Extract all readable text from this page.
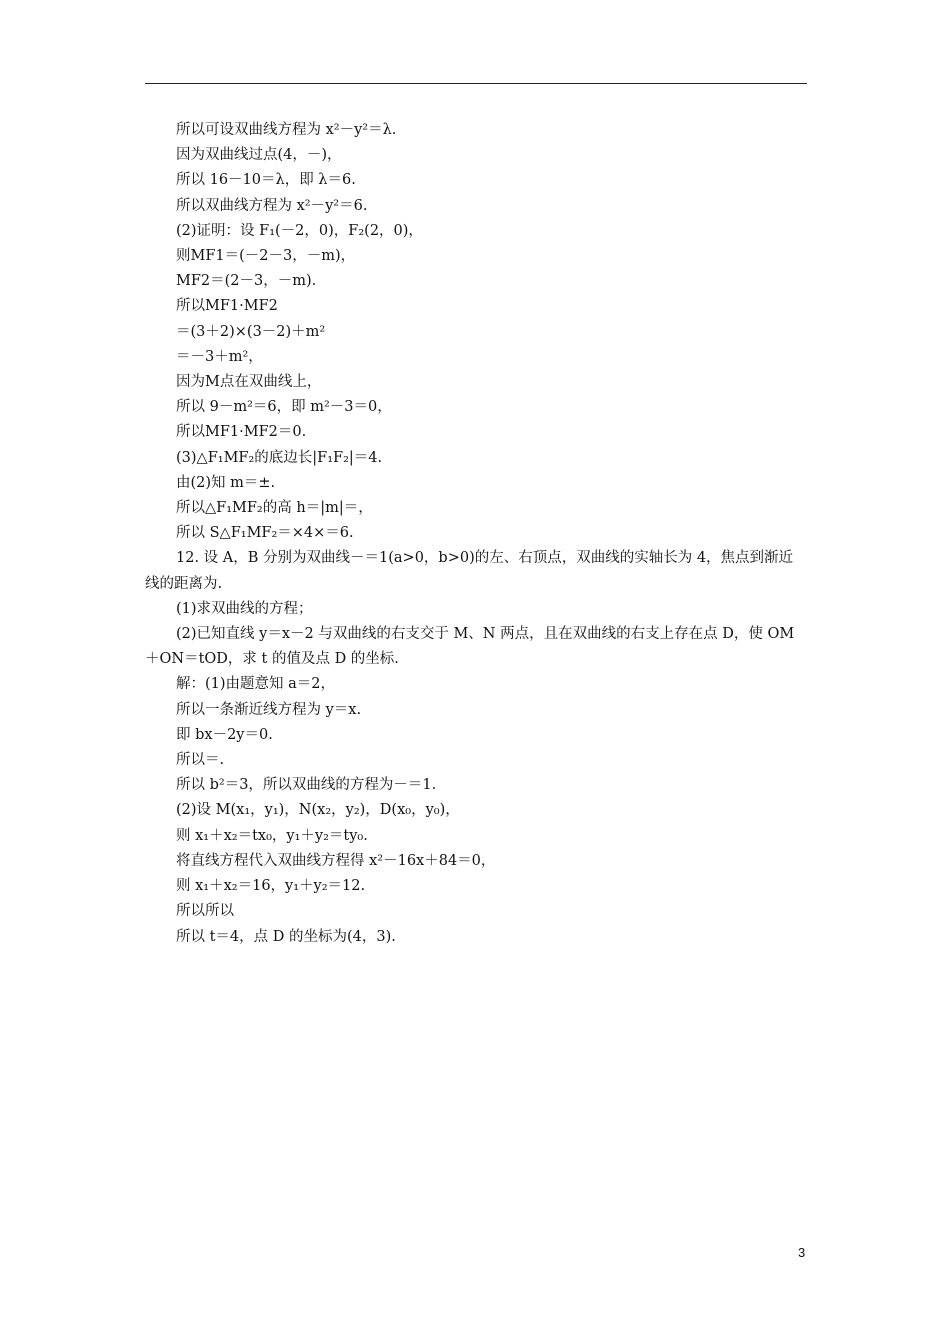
所以可设双曲线方程为 x²－y²＝λ.

因为双曲线过点(4，－)，

所以 16－10＝λ，即 λ＝6.

所以双曲线方程为 x²－y²＝6.

(2)证明：设 F₁(－2，0)，F₂(2，0)，

则MF1＝(－2－3，－m)，

MF2＝(2－3，－m).

所以MF1·MF2

＝(3＋2)×(3－2)＋m²

＝－3＋m²，

因为M点在双曲线上，

所以 9－m²＝6，即 m²－3＝0，

所以MF1·MF2＝0.

(3)△F₁MF₂的底边长|F₁F₂|＝4.

由(2)知 m＝±.

所以△F₁MF₂的高 h＝|m|＝，

所以 S△F₁MF₂＝×4×＝6.

12. 设 A，B 分别为双曲线－＝1(a>0，b>0)的左、右顶点，双曲线的实轴长为 4，焦点到渐近线的距离为.

(1)求双曲线的方程；

(2)已知直线 y＝x－2 与双曲线的右支交于 M、N 两点，且在双曲线的右支上存在点 D，使 OM＋ON＝tOD，求 t 的值及点 D 的坐标.

解：(1)由题意知 a＝2，

所以一条渐近线方程为 y＝x.

即 bx－2y＝0.

所以＝.

所以 b²＝3，所以双曲线的方程为－＝1.

(2)设 M(x₁，y₁)，N(x₂，y₂)，D(x₀，y₀)，

则 x₁＋x₂＝tx₀，y₁＋y₂＝ty₀.

将直线方程代入双曲线方程得 x²－16x＋84＝0，

则 x₁＋x₂＝16，y₁＋y₂＝12.

所以所以

所以 t＝4，点 D 的坐标为(4，3).

3
